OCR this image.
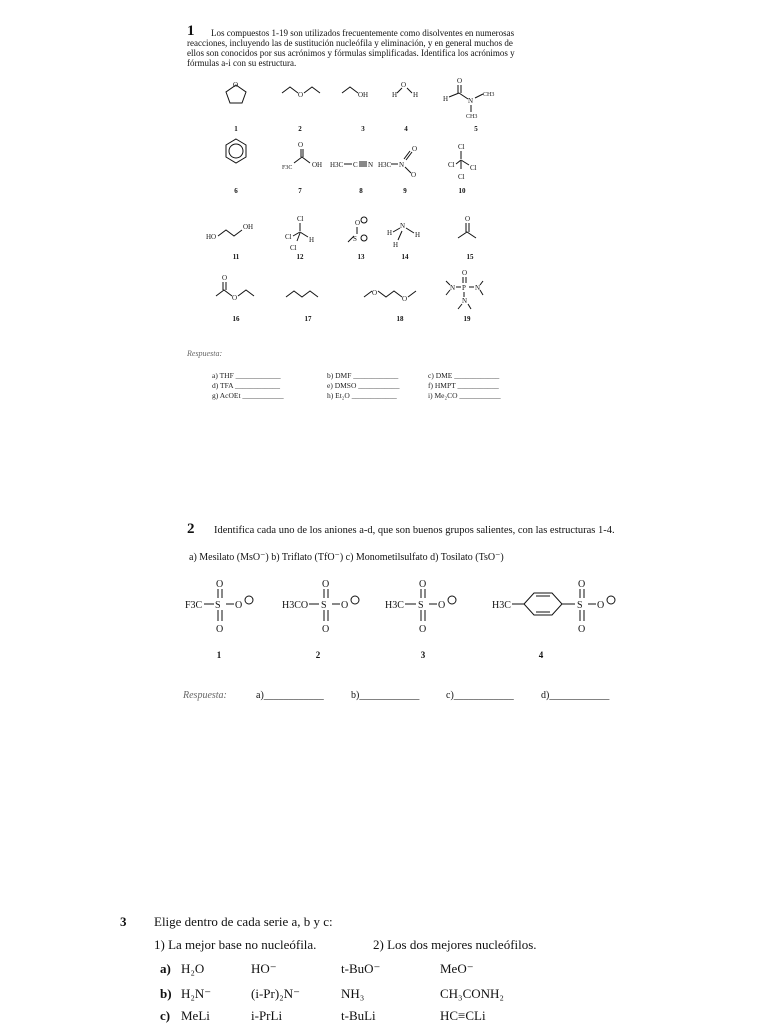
1	Los compuestos 1-19 son utilizados frecuentemente como disolventes en numerosas reacciones, incluyendo las de sustitución nucleófila y eliminación, y en general muchos de ellos son conocidos por sus acrónimos y fórmulas simplificadas. Identifica los acrónimos y fórmulas a-i con su estructura.
O
O	OH	H
O
H
O
H	N
CH3
CH3
F3C
O
OH H3C C N H3C N
O
O
Cl
Cl Cl
Cl
HO
OH
Cl
Cl H
Cl
O
S
N
H	H
H
O
O
O
O
O
O
P
N	N
N
1	2	3	4	5
6	7	8	9	10
11	12	13	14	15
16	17	18	19
Respuesta:
a) THF ____________	b) DMF ____________	c) DME ____________
d) TFA ____________	e) DMSO ___________	f) HMPT ___________
g) AcOEt ___________	h) Et₂O ____________	i) Me₂CO ___________
2	Identifica cada uno de los aniones a-d, que son buenos grupos salientes, con las estructuras 1-4.
a) Mesilato (MsO⁻) b) Triflato (TfO⁻) c) Monometilsulfato d) Tosilato (TsO⁻)
F3C S O
O
O
H3CO S O
O
O
H3C S O
O
O
H3C	S O
O
O
1	2	3	4
Respuesta:	a)____________	b)____________	c)____________	d)____________
3 Elige dentro de cada serie a, b y c:
1) La mejor base no nucleófila.	2) Los dos mejores nucleófilos.
a) H₂O	HO⁻	t-BuO⁻	MeO⁻
b) H₂N⁻	(i-Pr)₂N⁻	NH₃	CH₃CONH₂
c) MeLi	i-PrLi	t-BuLi	HC≡CLi
